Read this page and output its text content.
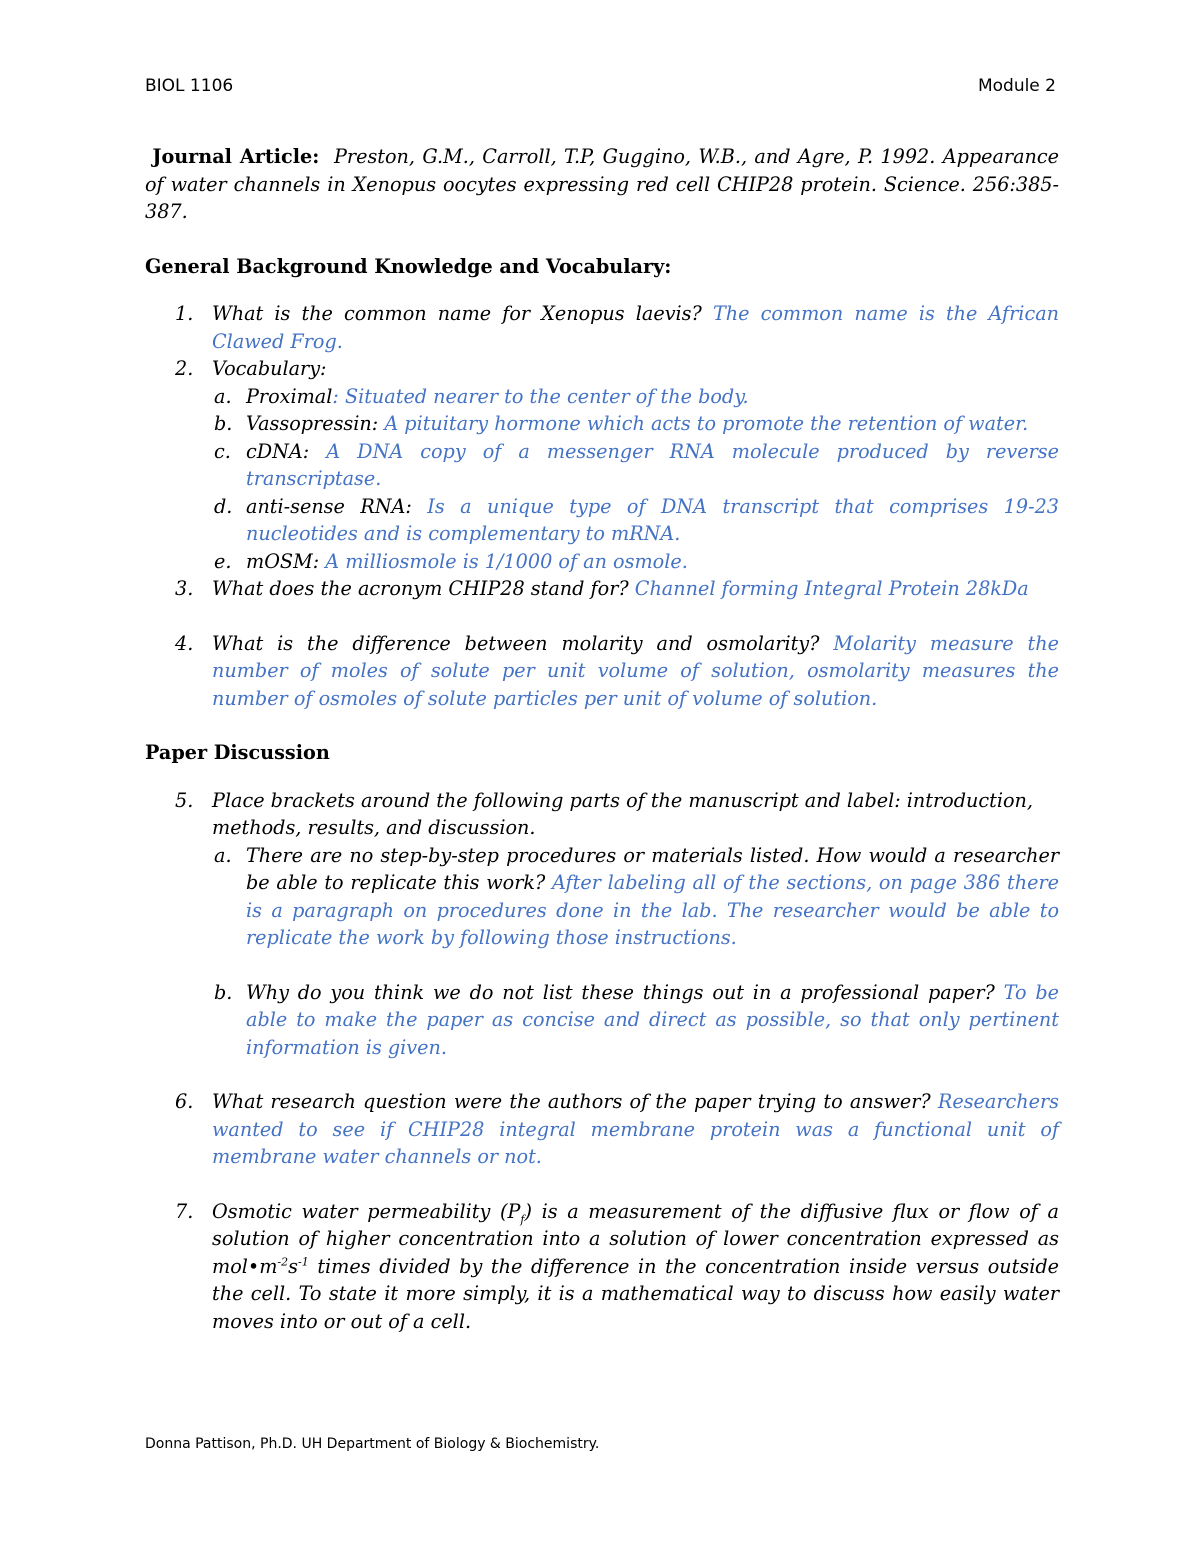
BIOL 1106	Module 2
Journal Article: Preston, G.M., Carroll, T.P, Guggino, W.B., and Agre, P. 1992. Appearance of water channels in Xenopus oocytes expressing red cell CHIP28 protein. Science. 256:385-387.
General Background Knowledge and Vocabulary:
1. What is the common name for Xenopus laevis? The common name is the African Clawed Frog.
2. Vocabulary:
a. Proximal: Situated nearer to the center of the body.
b. Vassopressin: A pituitary hormone which acts to promote the retention of water.
c. cDNA: A DNA copy of a messenger RNA molecule produced by reverse transcriptase.
d. anti-sense RNA: Is a unique type of DNA transcript that comprises 19-23 nucleotides and is complementary to mRNA.
e. mOSM: A milliosmole is 1/1000 of an osmole.
3. What does the acronym CHIP28 stand for? Channel forming Integral Protein 28kDa
4. What is the difference between molarity and osmolarity? Molarity measure the number of moles of solute per unit volume of solution, osmolarity measures the number of osmoles of solute particles per unit of volume of solution.
Paper Discussion
5. Place brackets around the following parts of the manuscript and label: introduction, methods, results, and discussion.
a. There are no step-by-step procedures or materials listed. How would a researcher be able to replicate this work? After labeling all of the sections, on page 386 there is a paragraph on procedures done in the lab. The researcher would be able to replicate the work by following those instructions.
b. Why do you think we do not list these things out in a professional paper? To be able to make the paper as concise and direct as possible, so that only pertinent information is given.
6. What research question were the authors of the paper trying to answer? Researchers wanted to see if CHIP28 integral membrane protein was a functional unit of membrane water channels or not.
7. Osmotic water permeability $(P_f)$ is a measurement of the diffusive flux or flow of a solution of higher concentration into a solution of lower concentration expressed as $mol•m^{-2}s^{-1}$ times divided by the difference in the concentration inside versus outside the cell. To state it more simply, it is a mathematical way to discuss how easily water moves into or out of a cell.
Donna Pattison, Ph.D. UH Department of Biology & Biochemistry.
